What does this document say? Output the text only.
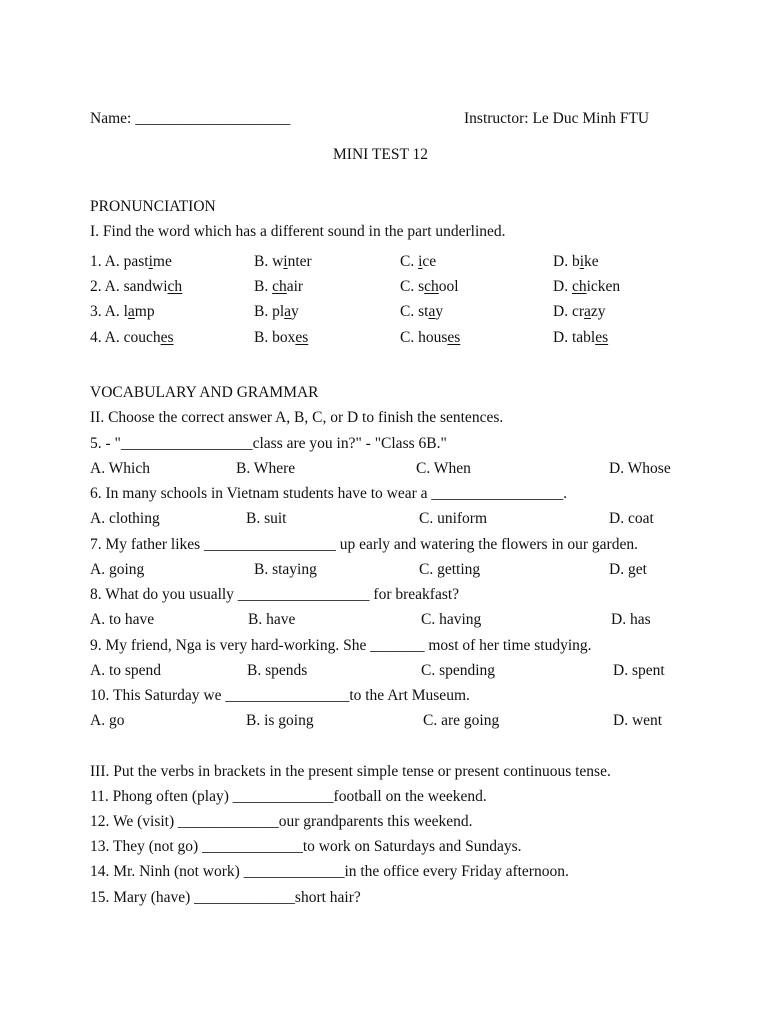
Name: ____________________	Instructor: Le Duc Minh FTU
MINI TEST 12
PRONUNCIATION
I. Find the word which has a different sound in the part underlined.
1. A. pastime	B. winter	C. ice	D. bike
2. A. sandwich	B. chair	C. school	D. chicken
3. A. lamp	B. play	C. stay	D. crazy
4. A. couches	B. boxes	C. houses	D. tables
VOCABULARY AND GRAMMAR
II. Choose the correct answer A, B, C, or D to finish the sentences.
5. - "_________________class are you in?" - "Class 6B."
A. Which	B. Where	C. When	D. Whose
6. In many schools in Vietnam students have to wear a _________________.
A. clothing	B. suit	C. uniform	D. coat
7. My father likes _________________ up early and watering the flowers in our garden.
A. going	B. staying	C. getting	D. get
8. What do you usually _________________ for breakfast?
A. to have	B. have	C. having	D. has
9. My friend, Nga is very hard-working. She _______ most of her time studying.
A. to spend	B. spends	C. spending	D. spent
10. This Saturday we ________________to the Art Museum.
A. go	B. is going	C. are going	D. went
III. Put the verbs in brackets in the present simple tense or present continuous tense.
11. Phong often (play) _____________football on the weekend.
12. We (visit) _____________our grandparents this weekend.
13. They (not go) _____________to work on Saturdays and Sundays.
14. Mr. Ninh (not work) _____________in the office every Friday afternoon.
15. Mary (have) _____________short hair?
